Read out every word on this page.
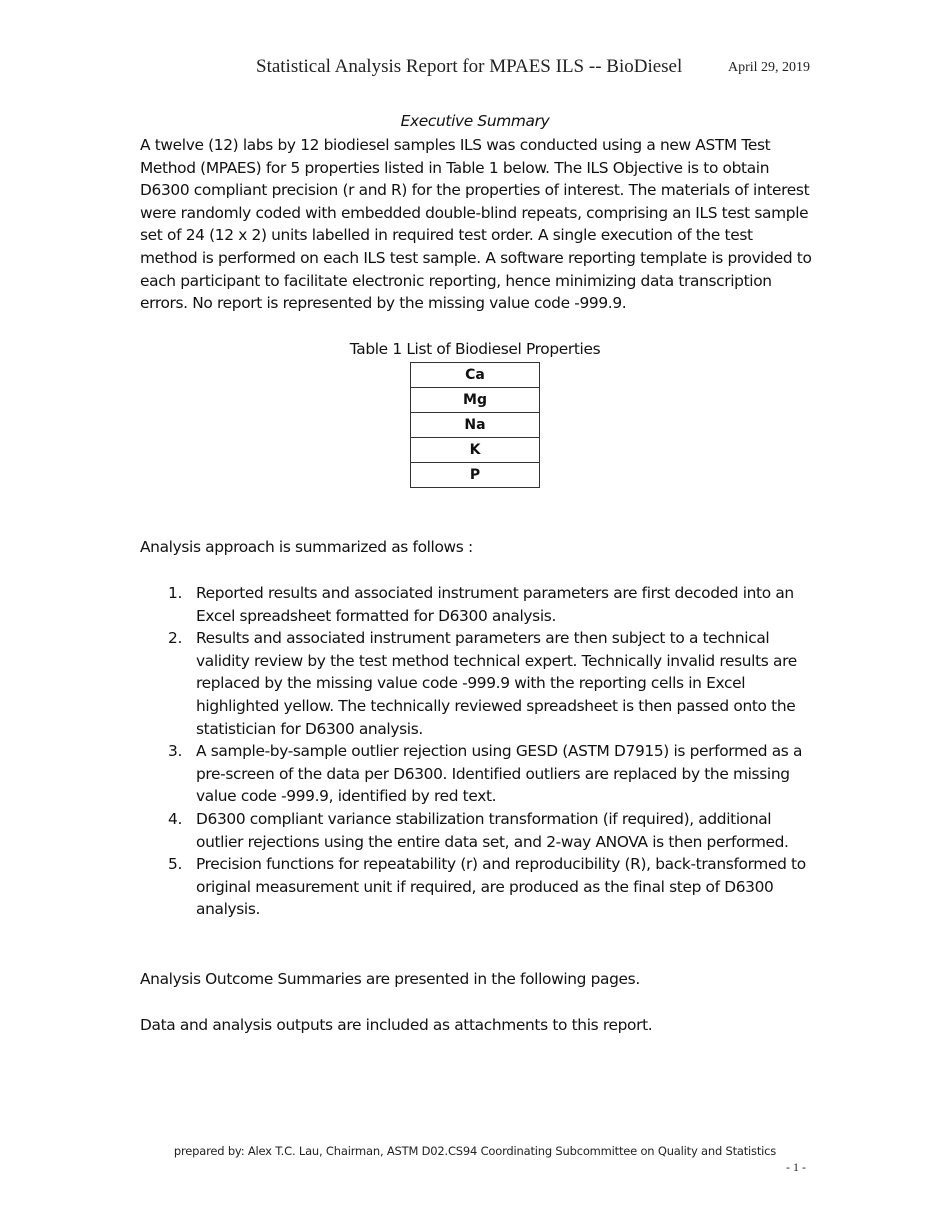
Statistical Analysis Report for MPAES ILS -- BioDiesel	April 29, 2019
Executive Summary

A twelve (12) labs by 12 biodiesel samples ILS was conducted using a new ASTM Test Method (MPAES) for 5 properties listed in Table 1 below. The ILS Objective is to obtain D6300 compliant precision (r and R) for the properties of interest. The materials of interest were randomly coded with embedded double-blind repeats, comprising an ILS test sample set of 24 (12 x 2) units labelled in required test order. A single execution of the test method is performed on each ILS test sample. A software reporting template is provided to each participant to facilitate electronic reporting, hence minimizing data transcription errors. No report is represented by the missing value code -999.9.

Table 1 List of Biodiesel Properties
Ca
Mg
Na
K
P

Analysis approach is summarized as follows :

1. Reported results and associated instrument parameters are first decoded into an Excel spreadsheet formatted for D6300 analysis.
2. Results and associated instrument parameters are then subject to a technical validity review by the test method technical expert. Technically invalid results are replaced by the missing value code -999.9 with the reporting cells in Excel highlighted yellow. The technically reviewed spreadsheet is then passed onto the statistician for D6300 analysis.
3. A sample-by-sample outlier rejection using GESD (ASTM D7915) is performed as a pre-screen of the data per D6300. Identified outliers are replaced by the missing value code -999.9, identified by red text.
4. D6300 compliant variance stabilization transformation (if required), additional outlier rejections using the entire data set, and 2-way ANOVA is then performed.
5. Precision functions for repeatability (r) and reproducibility (R), back-transformed to original measurement unit if required, are produced as the final step of D6300 analysis.

Analysis Outcome Summaries are presented in the following pages.

Data and analysis outputs are included as attachments to this report.

prepared by: Alex T.C. Lau, Chairman, ASTM D02.CS94 Coordinating Subcommittee on Quality and Statistics
- 1 -
